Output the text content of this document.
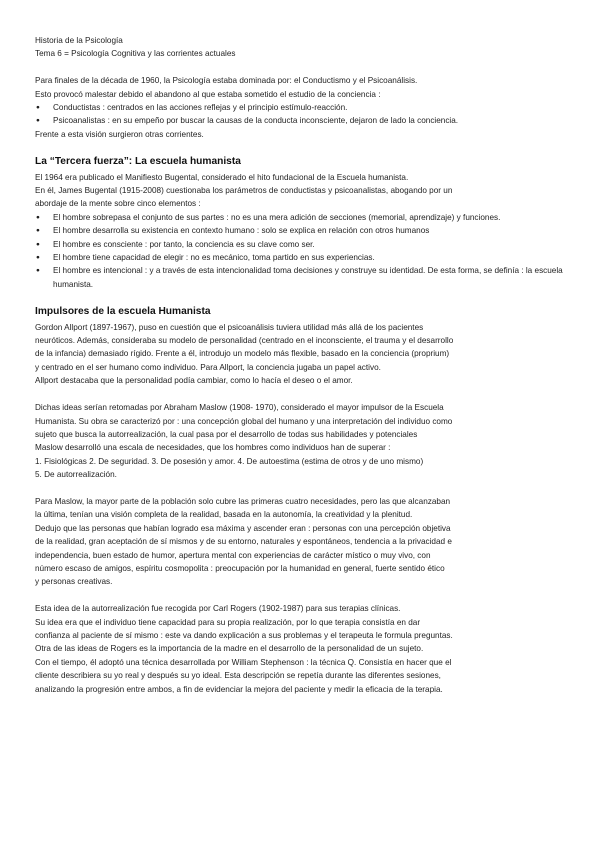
Historia de la Psicología

Tema 6 = Psicología Cognitiva y las corrientes actuales

Para finales de la década de 1960, la Psicología estaba dominada por: el Conductismo y el Psicoanálisis.

Esto provocó malestar debido el abandono al que estaba sometido el estudio de la conciencia :

● Conductistas : centrados en las acciones reflejas y el principio estímulo-reacción.
● Psicoanalistas : en su empeño por buscar la causas de la conducta inconsciente, dejaron de lado la conciencia.

Frente a esta visión surgieron otras corrientes.

La “Tercera fuerza”: La escuela humanista

El 1964 era publicado el Manifiesto Bugental, considerado el hito fundacional de la Escuela humanista.

En él, James Bugental (1915-2008) cuestionaba los parámetros de conductistas y psicoanalistas, abogando por un

abordaje de la mente sobre cinco elementos :

● El hombre sobrepasa el conjunto de sus partes : no es una mera adición de secciones (memorial, aprendizaje) y funciones.
● El hombre desarrolla su existencia en contexto humano : solo se explica en relación con otros humanos
● El hombre es consciente : por tanto, la conciencia es su clave como ser.
● El hombre tiene capacidad de elegir : no es mecánico, toma partido en sus experiencias.
● El hombre es intencional : y a través de esta intencionalidad toma decisiones y construye su identidad. De esta forma, se definía : la escuela humanista.
Impulsores de la escuela Humanista

Gordon Allport (1897-1967), puso en cuestión que el psicoanálisis tuviera utilidad más allá de los pacientes

neuróticos. Además, consideraba su modelo de personalidad (centrado en el inconsciente, el trauma y el desarrollo

de la infancia) demasiado rígido. Frente a él, introdujo un modelo más flexible, basado en la conciencia (proprium)

y centrado en el ser humano como individuo. Para Allport, la conciencia jugaba un papel activo.

Allport destacaba que la personalidad podía cambiar, como lo hacía el deseo o el amor.

Dichas ideas serían retomadas por Abraham Maslow (1908- 1970), considerado el mayor impulsor de la Escuela

Humanista. Su obra se caracterizó por : una concepción global del humano y una interpretación del individuo como

sujeto que busca la autorrealización, la cual pasa por el desarrollo de todas sus habilidades y potenciales

Maslow desarrolló una escala de necesidades, que los hombres como individuos han de superar :

1. Fisiológicas 2. De seguridad. 3. De posesión y amor. 4. De autoestima (estima de otros y de uno mismo)

5. De autorrealización.

Para Maslow, la mayor parte de la población solo cubre las primeras cuatro necesidades, pero las que alcanzaban

la última, tenían una visión completa de la realidad, basada en la autonomía, la creatividad y la plenitud.

Dedujo que las personas que habían logrado esa máxima y ascender eran : personas con una percepción objetiva

de la realidad, gran aceptación de sí mismos y de su entorno, naturales y espontáneos, tendencia a la privacidad e

independencia, buen estado de humor, apertura mental con experiencias de carácter místico o muy vivo, con

número escaso de amigos, espíritu cosmopolita : preocupación por la humanidad en general, fuerte sentido ético

y personas creativas.

Esta idea de la autorrealización fue recogida por Carl Rogers (1902-1987) para sus terapias clínicas.

Su idea era que el individuo tiene capacidad para su propia realización, por lo que terapia consistía en dar

confianza al paciente de sí mismo : este va dando explicación a sus problemas y el terapeuta le formula preguntas.

Otra de las ideas de Rogers es la importancia de la madre en el desarrollo de la personalidad de un sujeto.

Con el tiempo, él adoptó una técnica desarrollada por William Stephenson : la técnica Q. Consistía en hacer que el

cliente describiera su yo real y después su yo ideal. Esta descripción se repetía durante las diferentes sesiones,

analizando la progresión entre ambos, a fin de evidenciar la mejora del paciente y medir la eficacia de la terapia.
